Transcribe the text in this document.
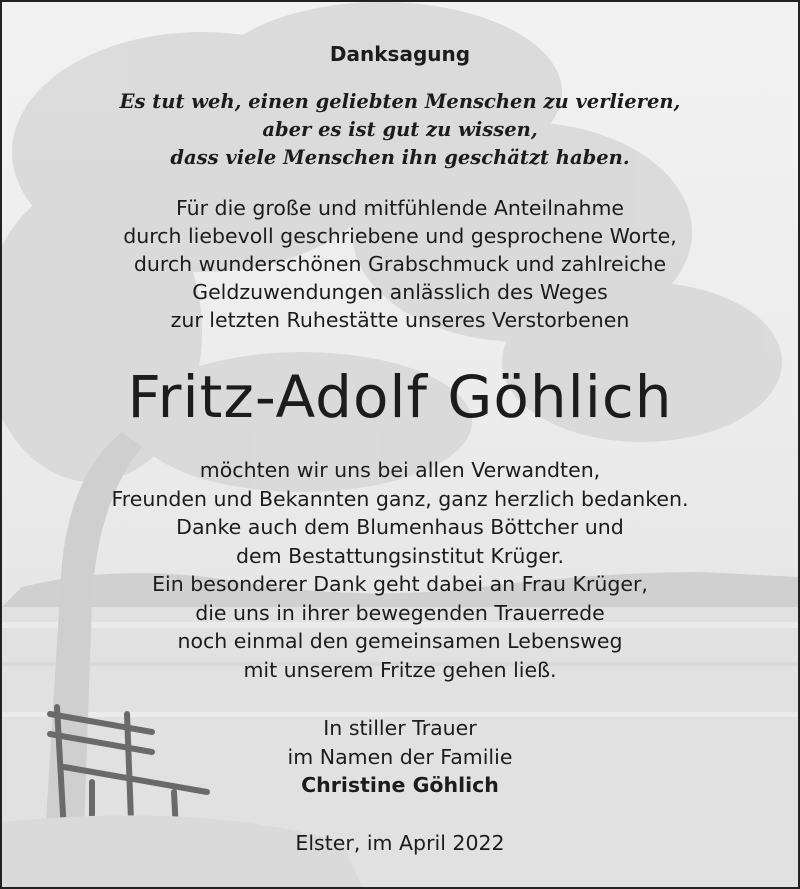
Danksagung
Es tut weh, einen geliebten Menschen zu verlieren,
aber es ist gut zu wissen,
dass viele Menschen ihn geschätzt haben.
Für die große und mitfühlende Anteilnahme
durch liebevoll geschriebene und gesprochene Worte,
durch wunderschönen Grabschmuck und zahlreiche
Geldzuwendungen anlässlich des Weges
zur letzten Ruhestätte unseres Verstorbenen
Fritz-Adolf Göhlich
möchten wir uns bei allen Verwandten,
Freunden und Bekannten ganz, ganz herzlich bedanken.
Danke auch dem Blumenhaus Böttcher und
dem Bestattungsinstitut Krüger.
Ein besonderer Dank geht dabei an Frau Krüger,
die uns in ihrer bewegenden Trauerrede
noch einmal den gemeinsamen Lebensweg
mit unserem Fritze gehen ließ.
In stiller Trauer
im Namen der Familie
Christine Göhlich
Elster, im April 2022
